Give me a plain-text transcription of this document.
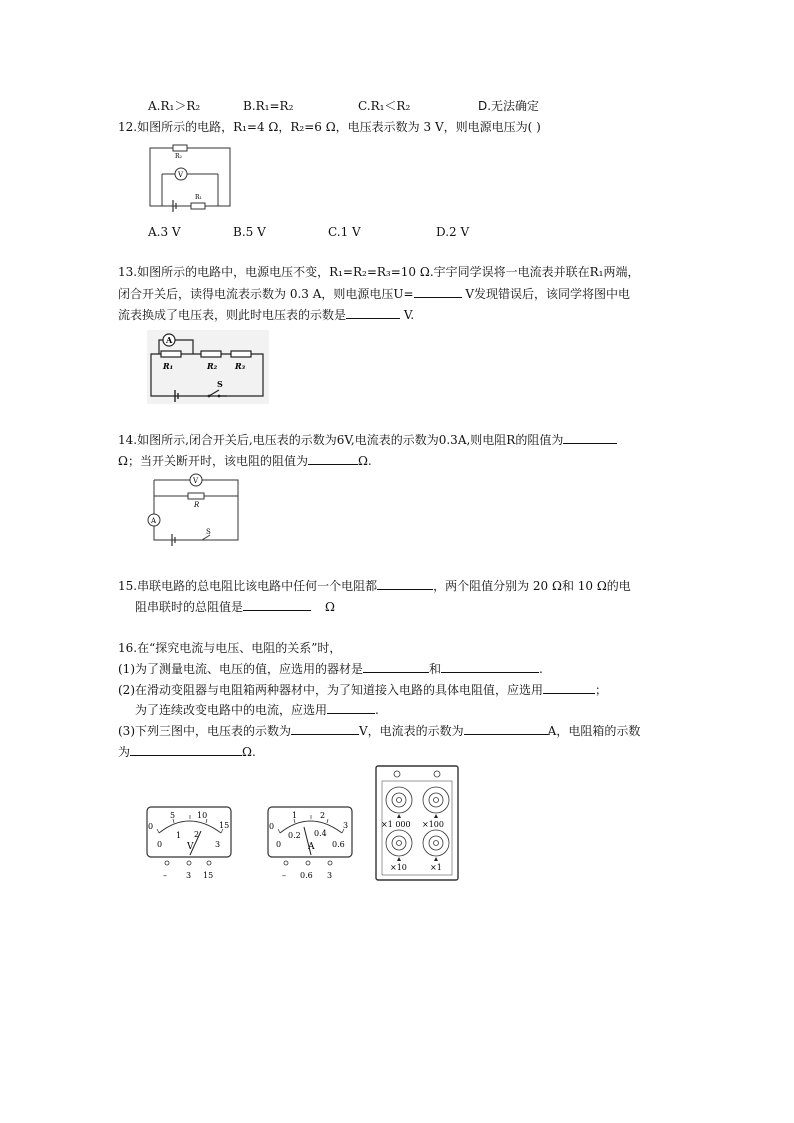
A.R₁＞R₂	B.R₁=R₂	C.R₁＜R₂	D.无法确定
12.如图所示的电路，R₁=4 Ω，R₂=6 Ω，电压表示数为 3 V，则电源电压为( )
R₂
V
R₁
A.3 V	B.5 V	C.1 V	D.2 V
13.如图所示的电路中，电源电压不变，R₁=R₂=R₃=10 Ω.宇宇同学误将一电流表并联在R₁两端，
闭合开关后，读得电流表示数为 0.3 A，则电源电压U=	V发现错误后，该同学将图中电
流表换成了电压表，则此时电压表的示数是	V.
A
R₁	R₂ R₃
S
14.如图所示,闭合开关后,电压表的示数为6V,电流表的示数为0.3A,则电阻R的阻值为
Ω；当开关断开时，该电阻的阻值为	Ω.
V
R
A
S
15.串联电路的总电阻比该电路中任何一个电阻都	，两个阻值分别为 20 Ω和 10 Ω的电
阻串联时的总阻值是	Ω
16.在“探究电流与电压、电阻的关系”时，
(1)为了测量电流、电压的值，应选用的器材是	和	.
(2)在滑动变阻器与电阻箱两种器材中，为了知道接入电路的具体电阻值，应选用	；
为了连续改变电路中的电流，应选用	.
(3)下列三图中，电压表的示数为	V，电流表的示数为	A，电阻箱的示数
为	Ω.
0
5	10
15
0
1 2
3
V
– 3 15
0
1	2
3
0
0.2 0.4
0.6
A
– 0.6 3
×1 000 ×100
×10	×1
